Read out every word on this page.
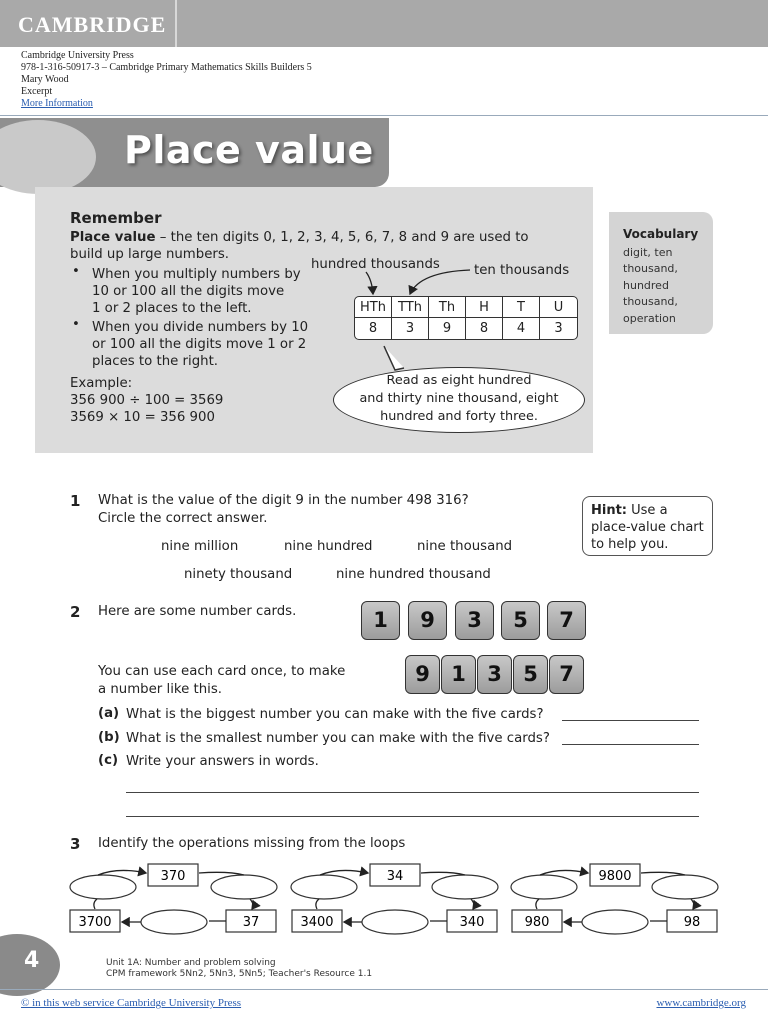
CAMBRIDGE
Cambridge University Press
978-1-316-50917-3 – Cambridge Primary Mathematics Skills Builders 5
Mary Wood
Excerpt
More Information
Place value
Remember
Place value – the ten digits 0, 1, 2, 3, 4, 5, 6, 7, 8 and 9 are used to
build up large numbers.
• When you multiply numbers by
10 or 100 all the digits move
1 or 2 places to the left.
• When you divide numbers by 10
or 100 all the digits move 1 or 2
places to the right.
Example:
356 900 ÷ 100 = 3569
3569 × 10 = 356 900
hundred thousands	ten thousands
HTh	TTh	Th	H	T	U
8	3	9	8	4	3
Read as eight hundred
and thirty nine thousand, eight
hundred and forty three.
Vocabulary
digit, ten
thousand,
hundred
thousand,
operation
1 What is the value of the digit 9 in the number 498 316?
Circle the correct answer.
nine million	nine hundred	nine thousand
ninety thousand	nine hundred thousand
Hint: Use a
place-value chart
to help you.
2 Here are some number cards.	1	9	3	5	7
You can use each card once, to make
a number like this.
9	1	3	5	7
(a) What is the biggest number you can make with the five cards?
(b) What is the smallest number you can make with the five cards?
(c) Write your answers in words.
3 Identify the operations missing from the loops
370
3700	37
34
3400	340
9800
980	98
4	Unit 1A: Number and problem solving
CPM framework 5Nn2, 5Nn3, 5Nn5; Teacher's Resource 1.1
© in this web service Cambridge University Press	www.cambridge.org
